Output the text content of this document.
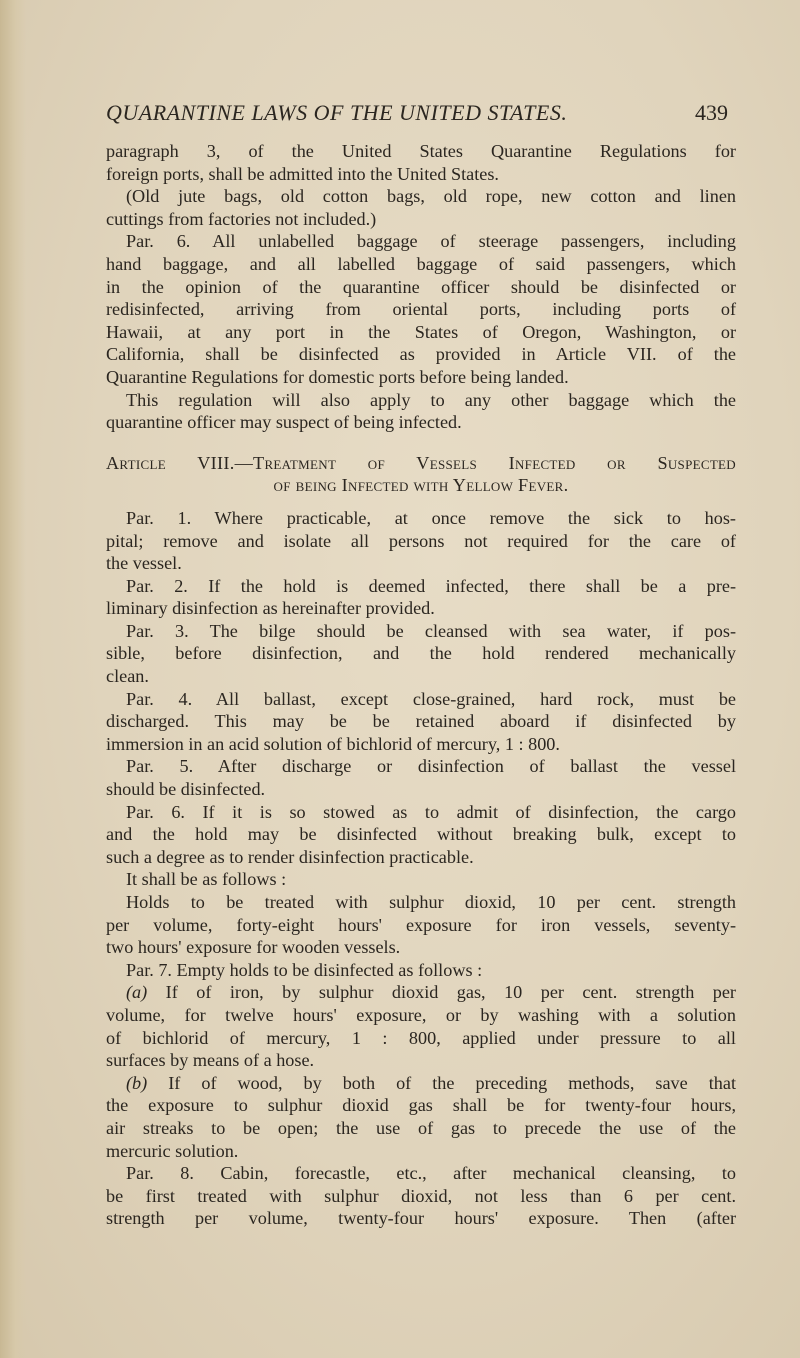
QUARANTINE LAWS OF THE UNITED STATES.	439
paragraph 3, of the United States Quarantine Regulations for
foreign ports, shall be admitted into the United States.
(Old jute bags, old cotton bags, old rope, new cotton and linen
cuttings from factories not included.)
Par. 6. All unlabelled baggage of steerage passengers, including
hand baggage, and all labelled baggage of said passengers, which
in the opinion of the quarantine officer should be disinfected or
redisinfected, arriving from oriental ports, including ports of
Hawaii, at any port in the States of Oregon, Washington, or
California, shall be disinfected as provided in Article VII. of the
Quarantine Regulations for domestic ports before being landed.
This regulation will also apply to any other baggage which the
quarantine officer may suspect of being infected.
Article VIII.—Treatment of Vessels Infected or Suspected
of being Infected with Yellow Fever.
Par. 1. Where practicable, at once remove the sick to hos-
pital; remove and isolate all persons not required for the care of
the vessel.
Par. 2. If the hold is deemed infected, there shall be a pre-
liminary disinfection as hereinafter provided.
Par. 3. The bilge should be cleansed with sea water, if pos-
sible, before disinfection, and the hold rendered mechanically
clean.
Par. 4. All ballast, except close-grained, hard rock, must be
discharged. This may be be retained aboard if disinfected by
immersion in an acid solution of bichlorid of mercury, 1 : 800.
Par. 5. After discharge or disinfection of ballast the vessel
should be disinfected.
Par. 6. If it is so stowed as to admit of disinfection, the cargo
and the hold may be disinfected without breaking bulk, except to
such a degree as to render disinfection practicable.
It shall be as follows :
Holds to be treated with sulphur dioxid, 10 per cent. strength
per volume, forty-eight hours' exposure for iron vessels, seventy-
two hours' exposure for wooden vessels.
Par. 7. Empty holds to be disinfected as follows :
(a) If of iron, by sulphur dioxid gas, 10 per cent. strength per
volume, for twelve hours' exposure, or by washing with a solution
of bichlorid of mercury, 1 : 800, applied under pressure to all
surfaces by means of a hose.
(b) If of wood, by both of the preceding methods, save that
the exposure to sulphur dioxid gas shall be for twenty-four hours,
air streaks to be open; the use of gas to precede the use of the
mercuric solution.
Par. 8. Cabin, forecastle, etc., after mechanical cleansing, to
be first treated with sulphur dioxid, not less than 6 per cent.
strength per volume, twenty-four hours' exposure. Then (after
